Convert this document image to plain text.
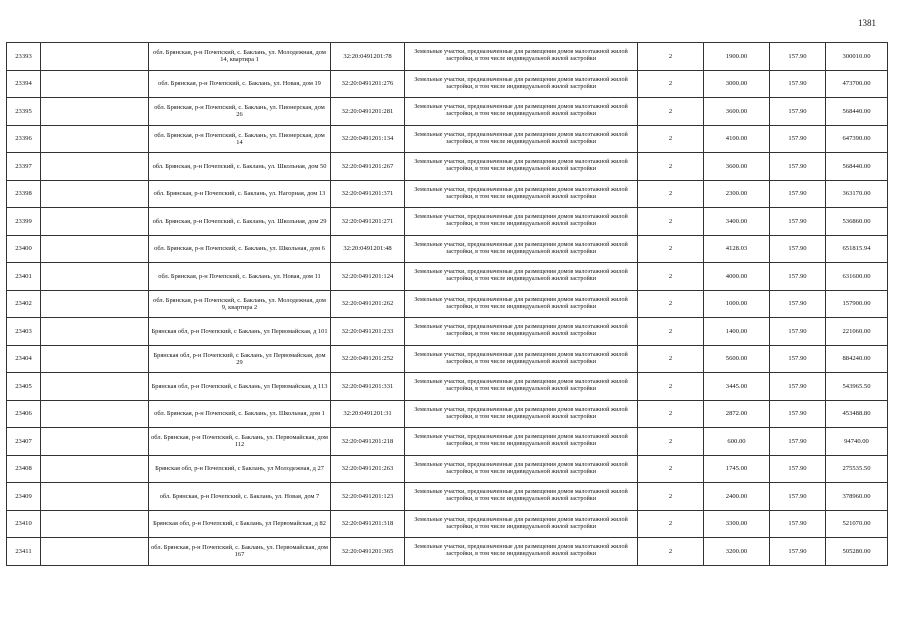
1381
23393		обл. Брянская, р-н Почепский, с. Баклань, ул. Молодежная, дом 14, квартира 1	32:20:0491201:78	Земельные участки, предназначенные для размещения домов малоэтажной жилой застройки, в том числе индивидуальной жилой застройки	2	1900.00	157.90	300010.00
23394		обл. Брянская, р-н Почепский, с. Баклань, ул. Новая, дом 19	32:20:0491201:276	Земельные участки, предназначенные для размещения домов малоэтажной жилой застройки, в том числе индивидуальной жилой застройки	2	3000.00	157.90	473700.00
23395		обл. Брянская, р-н Почепский, с. Баклань, ул. Пионерская, дом 26	32:20:0491201:281	Земельные участки, предназначенные для размещения домов малоэтажной жилой застройки, в том числе индивидуальной жилой застройки	2	3600.00	157.90	568440.00
23396		обл. Брянская, р-н Почепский, с. Баклань, ул. Пионерская, дом 14	32:20:0491201:134	Земельные участки, предназначенные для размещения домов малоэтажной жилой застройки, в том числе индивидуальной жилой застройки	2	4100.00	157.90	647390.00
23397		обл. Брянская, р-н Почепский, с. Баклань, ул. Школьная, дом 50	32:20:0491201:267	Земельные участки, предназначенные для размещения домов малоэтажной жилой застройки, в том числе индивидуальной жилой застройки	2	3600.00	157.90	568440.00
23398		обл. Брянская, р-н Почепский, с. Баклань, ул. Нагорная, дом 13	32:20:0491201:371	Земельные участки, предназначенные для размещения домов малоэтажной жилой застройки, в том числе индивидуальной жилой застройки	2	2300.00	157.90	363170.00
23399		обл. Брянская, р-н Почепский, с. Баклань, ул. Школьная, дом 29	32:20:0491201:271	Земельные участки, предназначенные для размещения домов малоэтажной жилой застройки, в том числе индивидуальной жилой застройки	2	3400.00	157.90	536860.00
23400		обл. Брянская, р-н Почепский, с. Баклань, ул. Школьная, дом 6	32:20:0491201:48	Земельные участки, предназначенные для размещения домов малоэтажной жилой застройки, в том числе индивидуальной жилой застройки	2	4128.03	157.90	651815.94
23401		обл. Брянская, р-н Почепский, с. Баклань, ул. Новая, дом 11	32:20:0491201:124	Земельные участки, предназначенные для размещения домов малоэтажной жилой застройки, в том числе индивидуальной жилой застройки	2	4000.00	157.90	631600.00
23402		обл. Брянская, р-н Почепский, с. Баклань, ул. Молодежная, дом 9, квартира 2	32:20:0491201:262	Земельные участки, предназначенные для размещения домов малоэтажной жилой застройки, в том числе индивидуальной жилой застройки	2	1000.00	157.90	157900.00
23403		Брянская обл, р-н Почепский, с Баклань, ул Первомайская, д 101	32:20:0491201:233	Земельные участки, предназначенные для размещения домов малоэтажной жилой застройки, в том числе индивидуальной жилой застройки	2	1400.00	157.90	221060.00
23404		Брянская обл, р-н Почепский, с Баклань, ул Первомайская, дом 29	32:20:0491201:252	Земельные участки, предназначенные для размещения домов малоэтажной жилой застройки, в том числе индивидуальной жилой застройки	2	5600.00	157.90	884240.00
23405		Брянская обл, р-н Почепский, с Баклань, ул Первомайская, д 113	32:20:0491201:331	Земельные участки, предназначенные для размещения домов малоэтажной жилой застройки, в том числе индивидуальной жилой застройки	2	3445.00	157.90	543965.50
23406		обл. Брянская, р-н Почепский, с. Баклань, ул. Школьная, дом 1	32:20:0491201:31	Земельные участки, предназначенные для размещения домов малоэтажной жилой застройки, в том числе индивидуальной жилой застройки	2	2872.00	157.90	453488.80
23407		обл. Брянская, р-н Почепский, с. Баклань, ул. Первомайская, дом 112	32:20:0491201:218	Земельные участки, предназначенные для размещения домов малоэтажной жилой застройки, в том числе индивидуальной жилой застройки	2	600.00	157.90	94740.00
23408		Брянская обл, р-н Почепский, с Баклань, ул Молодежная, д 27	32:20:0491201:263	Земельные участки, предназначенные для размещения домов малоэтажной жилой застройки, в том числе индивидуальной жилой застройки	2	1745.00	157.90	275535.50
23409		обл. Брянская, р-н Почепский, с. Баклань, ул. Новая, дом 7	32:20:0491201:123	Земельные участки, предназначенные для размещения домов малоэтажной жилой застройки, в том числе индивидуальной жилой застройки	2	2400.00	157.90	378960.00
23410		Брянская обл, р-н Почепский, с Баклань, ул Первомайская, д 82	32:20:0491201:318	Земельные участки, предназначенные для размещения домов малоэтажной жилой застройки, в том числе индивидуальной жилой застройки	2	3300.00	157.90	521070.00
23411		обл. Брянская, р-н Почепский, с. Баклань, ул. Первомайская, дом 167	32:20:0491201:365	Земельные участки, предназначенные для размещения домов малоэтажной жилой застройки, в том числе индивидуальной жилой застройки	2	3200.00	157.90	505280.00
